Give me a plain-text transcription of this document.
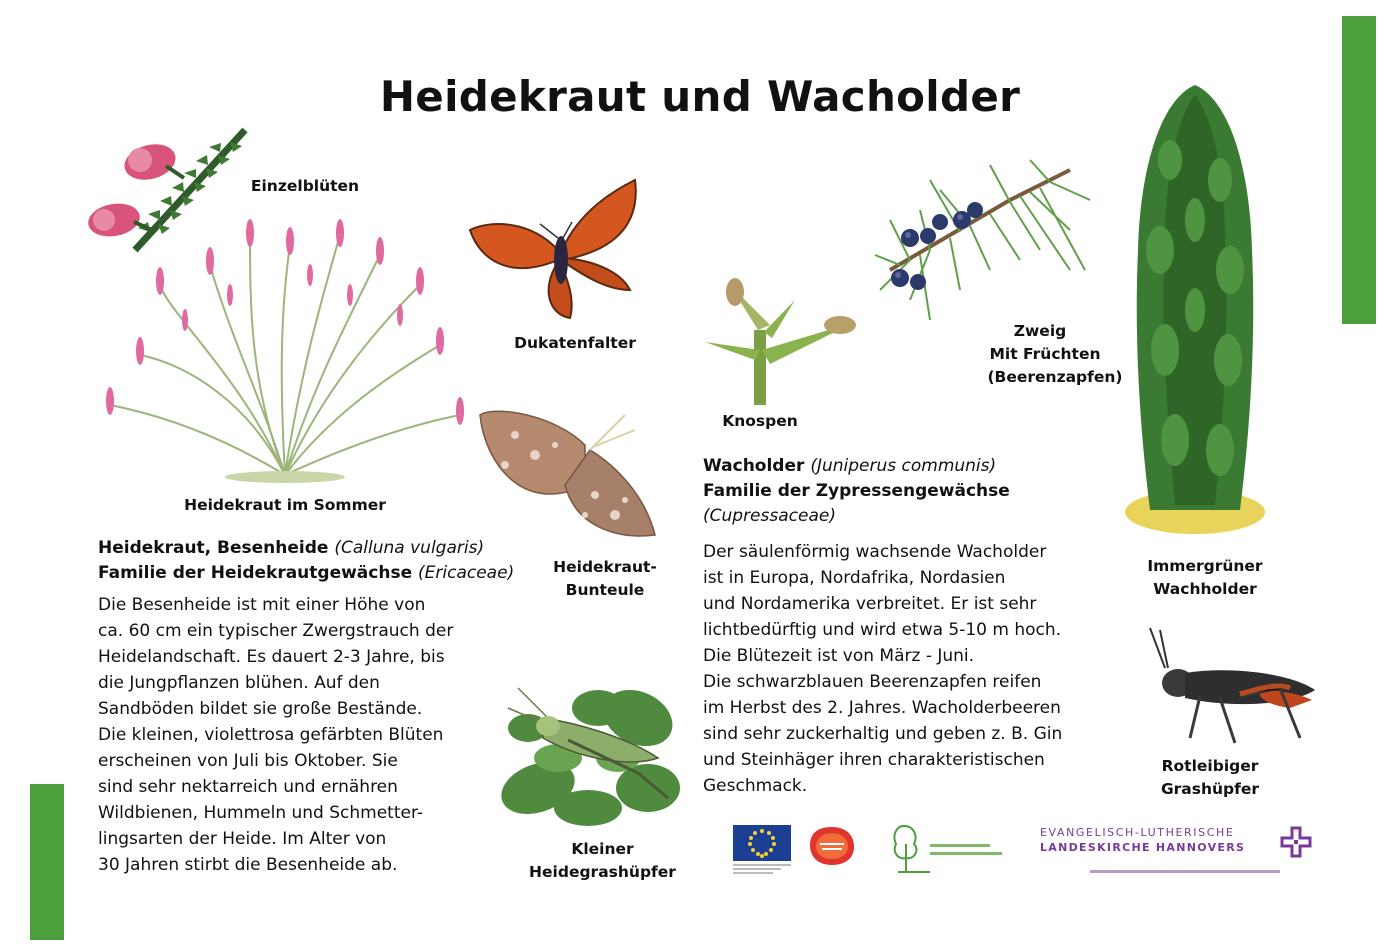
Heidekraut und Wacholder
Einzelblüten
Heidekraut im Sommer
Dukatenfalter
Heidekraut-
Bunteule
Knospen
Zweig
Mit Früchten
(Beerenzapfen)
Immergrüner
Wachholder
Rotleibiger
Grashüpfer
Kleiner
Heidegrashüpfer
Heidekraut, Besenheide (Calluna vulgaris)
Familie der Heidekrautgewächse (Ericaceae)
Die Besenheide ist mit einer Höhe von
ca. 60 cm ein typischer Zwergstrauch der
Heidelandschaft. Es dauert 2-3 Jahre, bis
die Jungpflanzen blühen. Auf den
Sandböden bildet sie große Bestände.
Die kleinen, violettrosa gefärbten Blüten
erscheinen von Juli bis Oktober. Sie
sind sehr nektarreich und ernähren
Wildbienen, Hummeln und Schmetter-
lingsarten der Heide. Im Alter von
30 Jahren stirbt die Besenheide ab.
Wacholder (Juniperus communis)
Familie der Zypressengewächse
(Cupressaceae)
Der säulenförmig wachsende Wacholder
ist in Europa, Nordafrika, Nordasien
und Nordamerika verbreitet. Er ist sehr
lichtbedürftig und wird etwa 5-10 m hoch.
Die Blütezeit ist von März - Juni.
Die schwarzblauen Beerenzapfen reifen
im Herbst des 2. Jahres. Wacholderbeeren
sind sehr zuckerhaltig und geben z. B. Gin
und Steinhäger ihren charakteristischen
Geschmack.
EVANGELISCH-LUTHERISCHE
LANDESKIRCHE HANNOVERS
